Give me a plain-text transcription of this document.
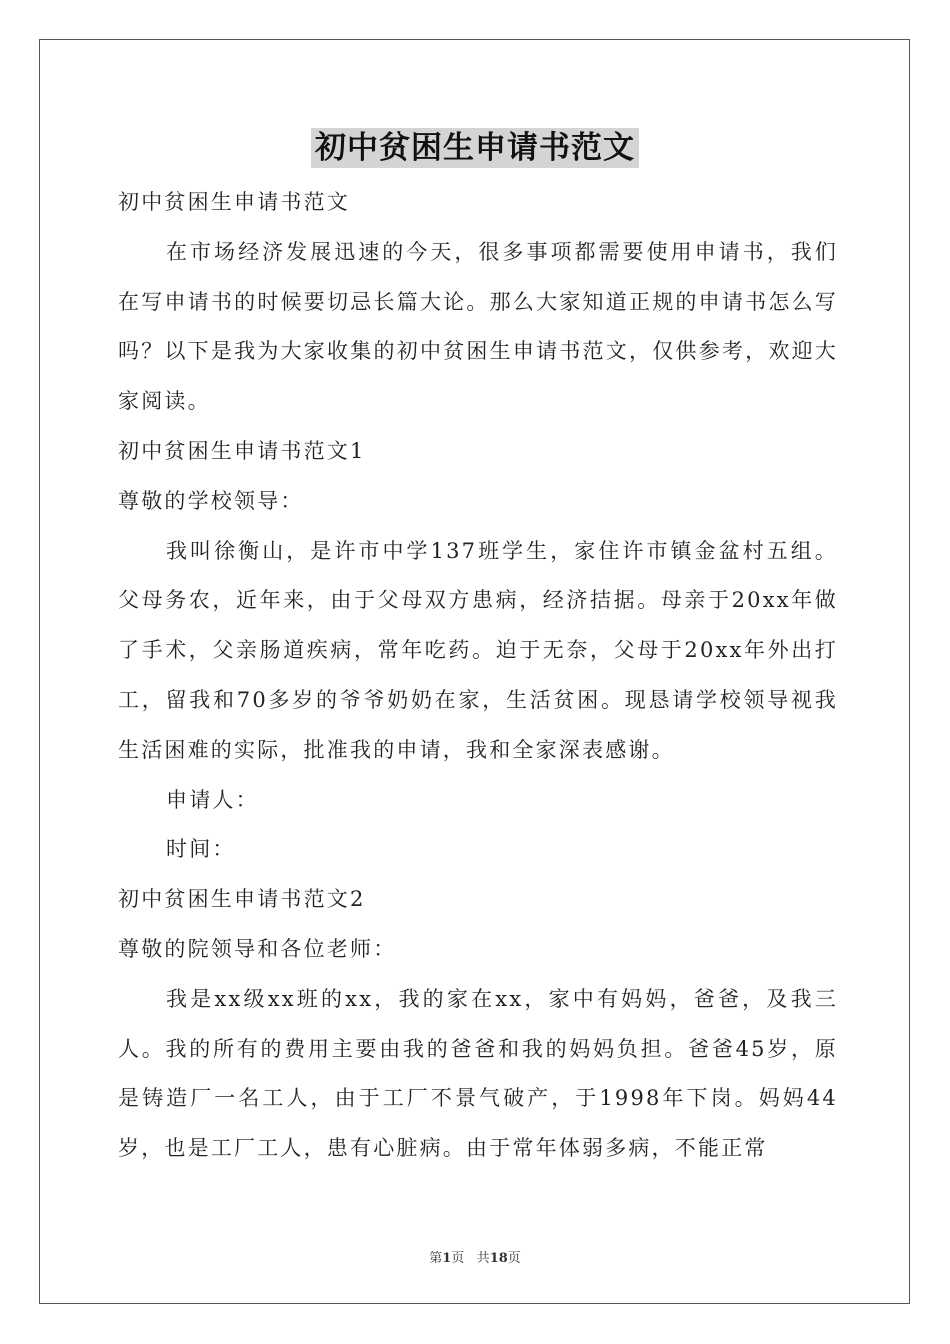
初中贫困生申请书范文
初中贫困生申请书范文

在市场经济发展迅速的今天，很多事项都需要使用申请书，我们在写申请书的时候要切忌长篇大论。那么大家知道正规的申请书怎么写吗？以下是我为大家收集的初中贫困生申请书范文，仅供参考，欢迎大家阅读。

初中贫困生申请书范文1
尊敬的学校领导：

我叫徐衡山，是许市中学137班学生，家住许市镇金盆村五组。父母务农，近年来，由于父母双方患病，经济拮据。母亲于20xx年做了手术，父亲肠道疾病，常年吃药。迫于无奈，父母于20xx年外出打工，留我和70多岁的爷爷奶奶在家，生活贫困。现恳请学校领导视我生活困难的实际，批准我的申请，我和全家深表感谢。

申请人：
时间：
初中贫困生申请书范文2
尊敬的院领导和各位老师：

我是xx级xx班的xx，我的家在xx，家中有妈妈，爸爸，及我三人。我的所有的费用主要由我的爸爸和我的妈妈负担。爸爸45岁，原是铸造厂一名工人，由于工厂不景气破产，于1998年下岗。妈妈44岁，也是工厂工人，患有心脏病。由于常年体弱多病，不能正常

第1页 共18页
